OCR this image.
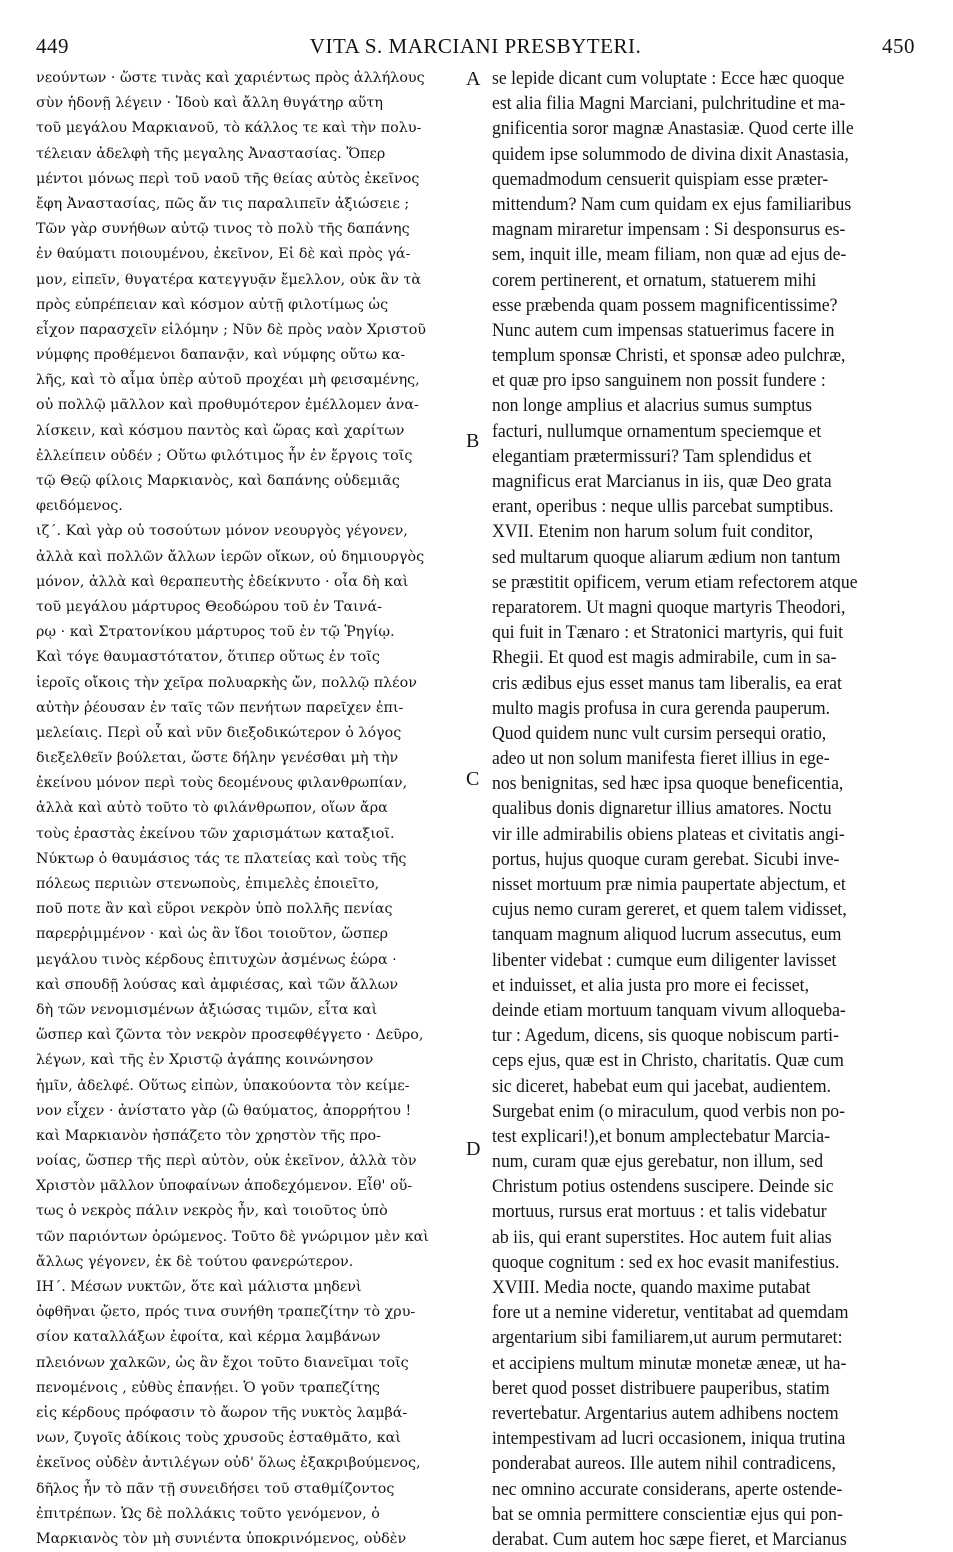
449	VITA S. MARCIANI PRESBYTERI.	450
νεούντων · ὥστε τινὰς καὶ χαριέντως πρὸς ἀλλήλους
σὺν ἡδονῇ λέγειν · Ἰδοὺ καὶ ἄλλη θυγάτηρ αὕτη
τοῦ μεγάλου Μαρκιανοῦ, τὸ κάλλος τε καὶ τὴν πολυ-
τέλειαν ἀδελφὴ τῆς μεγαλης Ἀναστασίας. Ὅπερ
μέντοι μόνως περὶ τοῦ ναοῦ τῆς θείας αὐτὸς ἐκεῖνος
ἔφη Ἀναστασίας, πῶς ἄν τις παραλιπεῖν ἀξιώσειε ;
Τῶν γὰρ συνήθων αὐτῷ τινος τὸ πολὺ τῆς δαπάνης
ἐν θαύματι ποιουμένου, ἐκεῖνον, Εἰ δὲ καὶ πρὸς γά-
μον, εἰπεῖν, θυγατέρα κατεγγυᾷν ἔμελλον, οὐκ ἂν τὰ
πρὸς εὐπρέπειαν καὶ κόσμον αὐτῇ φιλοτίμως ὡς
εἶχον παρασχεῖν εἱλόμην ; Νῦν δὲ πρὸς ναὸν Χριστοῦ
νύμφης προθέμενοι δαπανᾷν, καὶ νύμφης οὕτω κα-
λῆς, καὶ τὸ αἷμα ὑπὲρ αὐτοῦ προχέαι μὴ φεισαμένης,
οὐ πολλῷ μᾶλλον καὶ προθυμότερον ἐμέλλομεν ἀνα-
λίσκειν, καὶ κόσμου παντὸς καὶ ὥρας καὶ χαρίτων
ἐλλείπειν οὐδέν ; Οὕτω φιλότιμος ἦν ἐν ἔργοις τοῖς
τῷ Θεῷ φίλοις Μαρκιανὸς, καὶ δαπάνης οὐδεμιᾶς
φειδόμενος.
ιζ΄. Καὶ γὰρ οὐ τοσούτων μόνον νεουργὸς γέγονεν,
ἀλλὰ καὶ πολλῶν ἄλλων ἱερῶν οἴκων, οὐ δημιουργὸς
μόνον, ἀλλὰ καὶ θεραπευτὴς ἐδείκνυτο · οἷα δὴ καὶ
τοῦ μεγάλου μάρτυρος Θεοδώρου τοῦ ἐν Ταινά-
ρῳ · καὶ Στρατονίκου μάρτυρος τοῦ ἐν τῷ Ῥηγίῳ.
Καὶ τόγε θαυμαστότατον, ὅτιπερ οὕτως ἐν τοῖς
ἱεροῖς οἴκοις τὴν χεῖρα πολυαρκὴς ὤν, πολλῷ πλέον
αὐτὴν ῥέουσαν ἐν ταῖς τῶν πενήτων παρεῖχεν ἐπι-
μελείαις. Περὶ οὗ καὶ νῦν διεξοδικώτερον ὁ λόγος
διεξελθεῖν βούλεται, ὥστε δήλην γενέσθαι μὴ τὴν
ἐκείνου μόνον περὶ τοὺς δεομένους φιλανθρωπίαν,
ἀλλὰ καὶ αὐτὸ τοῦτο τὸ φιλάνθρωπον, οἵων ἄρα
τοὺς ἐραστὰς ἐκείνου τῶν χαρισμάτων καταξιοῖ.
Νύκτωρ ὁ θαυμάσιος τάς τε πλατείας καὶ τοὺς τῆς
πόλεως περιιὼν στενωποὺς, ἐπιμελὲς ἐποιεῖτο,
ποῦ ποτε ἂν καὶ εὕροι νεκρὸν ὑπὸ πολλῆς πενίας
παρερῥιμμένον · καὶ ὡς ἂν ἴδοι τοιοῦτον, ὥσπερ
μεγάλου τινὸς κέρδους ἐπιτυχὼν ἀσμένως ἑώρα ·
καὶ σπουδῇ λούσας καὶ ἀμφιέσας, καὶ τῶν ἄλλων
δὴ τῶν νενομισμένων ἀξιώσας τιμῶν, εἶτα καὶ
ὥσπερ καὶ ζῶντα τὸν νεκρὸν προσεφθέγγετο · Δεῦρο,
λέγων, καὶ τῆς ἐν Χριστῷ ἀγάπης κοινώνησον
ἡμῖν, ἀδελφέ. Οὕτως εἰπὼν, ὑπακούοντα τὸν κείμε-
νον εἶχεν · ἀνίστατο γὰρ (ὢ θαύματος, ἀπορρήτου !
καὶ Μαρκιανὸν ἠσπάζετο τὸν χρηστὸν τῆς προ-
νοίας, ὥσπερ τῆς περὶ αὐτὸν, οὐκ ἐκεῖνον, ἀλλὰ τὸν
Χριστὸν μᾶλλον ὑποφαίνων ἀποδεχόμενον. Εἶθ' οὕ-
τως ὁ νεκρὸς πάλιν νεκρὸς ἦν, καὶ τοιοῦτος ὑπὸ
τῶν παριόντων ὁρώμενος. Τοῦτο δὲ γνώριμον μὲν καὶ
ἄλλως γέγονεν, ἐκ δὲ τούτου φανερώτερον.
ΙΗ΄. Μέσων νυκτῶν, ὅτε καὶ μάλιστα μηδενὶ
ὀφθῆναι ᾤετο, πρός τινα συνήθη τραπεζίτην τὸ χρυ-
σίον καταλλάξων ἐφοίτα, καὶ κέρμα λαμβάνων
πλειόνων χαλκῶν, ὡς ἂν ἔχοι τοῦτο διανεῖμαι τοῖς
πενομένοις , εὐθὺς ἐπανῄει. Ὁ γοῦν τραπεζίτης
εἰς κέρδους πρόφασιν τὸ ἄωρον τῆς νυκτὸς λαμβά-
νων, ζυγοῖς ἀδίκοις τοὺς χρυσοῦς ἐσταθμᾶτο, καὶ
ἐκεῖνος οὐδὲν ἀντιλέγων οὐδ' ὅλως ἐξακριβούμενος,
δῆλος ἦν τὸ πᾶν τῇ συνειδήσει τοῦ σταθμίζοντος
ἐπιτρέπων. Ὡς δὲ πολλάκις τοῦτο γενόμενον, ὁ
Μαρκιανὸς τὸν μὴ συνιέντα ὑποκρινόμενος, οὐδὲν
se lepide dicant cum voluptate : Ecce hæc quoque
est alia filia Magni Marciani, pulchritudine et ma-
gnificentia soror magnæ Anastasiæ. Quod certe ille
quidem ipse solummodo de divina dixit Anastasia,
quemadmodum censuerit quispiam esse præter-
mittendum? Nam cum quidam ex ejus familiaribus
magnam miraretur impensam : Si desponsurus es-
sem, inquit ille, meam filiam, non quæ ad ejus de-
corem pertinerent, et ornatum, statuerem mihi
esse præbenda quam possem magnificentissime?
Nunc autem cum impensas statuerimus facere in
templum sponsæ Christi, et sponsæ adeo pulchræ,
et quæ pro ipso sanguinem non possit fundere :
non longe amplius et alacrius sumus sumptus
facturi, nullumque ornamentum speciemque et
elegantiam prætermissuri? Tam splendidus et
magnificus erat Marcianus in iis, quæ Deo grata
erant, operibus : neque ullis parcebat sumptibus.
XVII. Etenim non harum solum fuit conditor,
sed multarum quoque aliarum ædium non tantum
se præstitit opificem, verum etiam refectorem atque
reparatorem. Ut magni quoque martyris Theodori,
qui fuit in Tænaro : et Stratonici martyris, qui fuit
Rhegii. Et quod est magis admirabile, cum in sa-
cris ædibus ejus esset manus tam liberalis, ea erat
multo magis profusa in cura gerenda pauperum.
Quod quidem nunc vult cursim persequi oratio,
adeo ut non solum manifesta fieret illius in ege-
nos benignitas, sed hæc ipsa quoque beneficentia,
qualibus donis dignaretur illius amatores. Noctu
vir ille admirabilis obiens plateas et civitatis angi-
portus, hujus quoque curam gerebat. Sicubi inve-
nisset mortuum præ nimia paupertate abjectum, et
cujus nemo curam gereret, et quem talem vidisset,
tanquam magnum aliquod lucrum assecutus, eum
libenter videbat : cumque eum diligenter lavisset
et induisset, et alia justa pro more ei fecisset,
deinde etiam mortuum tanquam vivum alloqueba-
tur : Agedum, dicens, sis quoque nobiscum parti-
ceps ejus, quæ est in Christo, charitatis. Quæ cum
sic diceret, habebat eum qui jacebat, audientem.
Surgebat enim (o miraculum, quod verbis non po-
test explicari!),et bonum amplectebatur Marcia-
num, curam quæ ejus gerebatur, non illum, sed
Christum potius ostendens suscipere. Deinde sic
mortuus, rursus erat mortuus : et talis videbatur
ab iis, qui erant superstites. Hoc autem fuit alias
quoque cognitum : sed ex hoc evasit manifestius.
XVIII. Media nocte, quando maxime putabat
fore ut a nemine videretur, ventitabat ad quemdam
argentarium sibi familiarem,ut aurum permutaret:
et accipiens multum minutæ monetæ æneæ, ut ha-
beret quod posset distribuere pauperibus, statim
revertebatur. Argentarius autem adhibens noctem
intempestivam ad lucri occasionem, iniqua trutina
ponderabat aureos. Ille autem nihil contradicens,
nec omnino accurate considerans, aperte ostende-
bat se omnia permittere conscientiæ ejus qui pon-
derabat. Cum autem hoc sæpe fieret, et Marcianus
A
B
C
D
